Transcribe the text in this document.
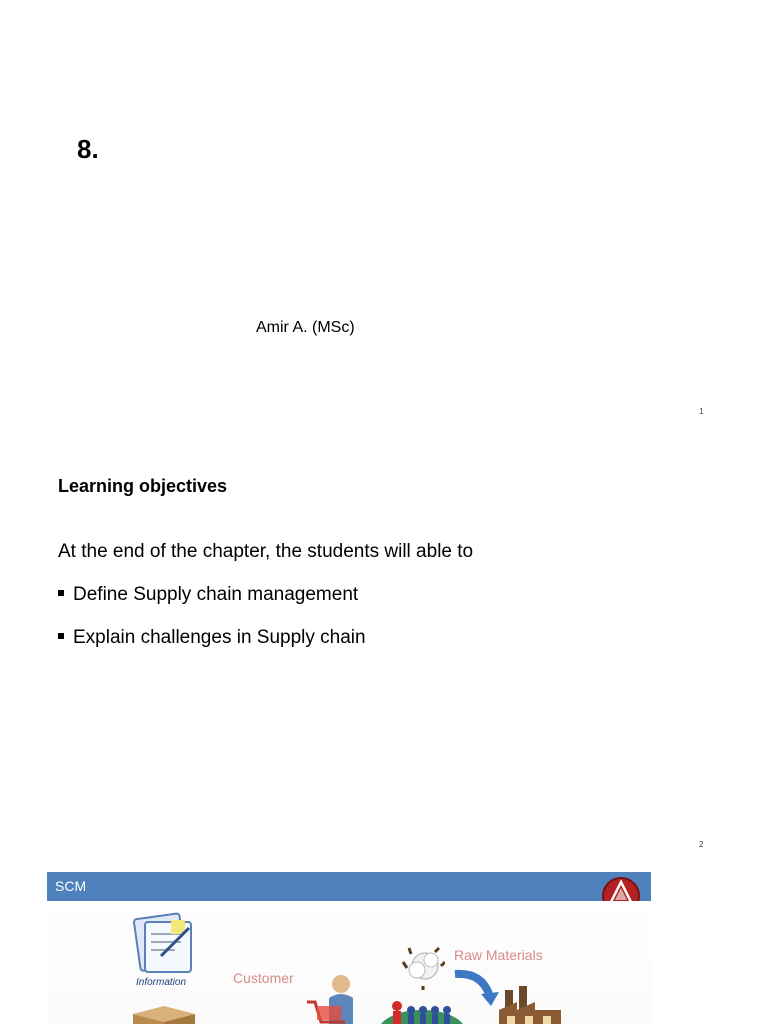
8.
Amir A. (MSc)
1
Learning objectives
At the end of the chapter, the students will able to
Define Supply chain management
Explain challenges in Supply chain
2
SCM
Information	Customer
Raw Materials
